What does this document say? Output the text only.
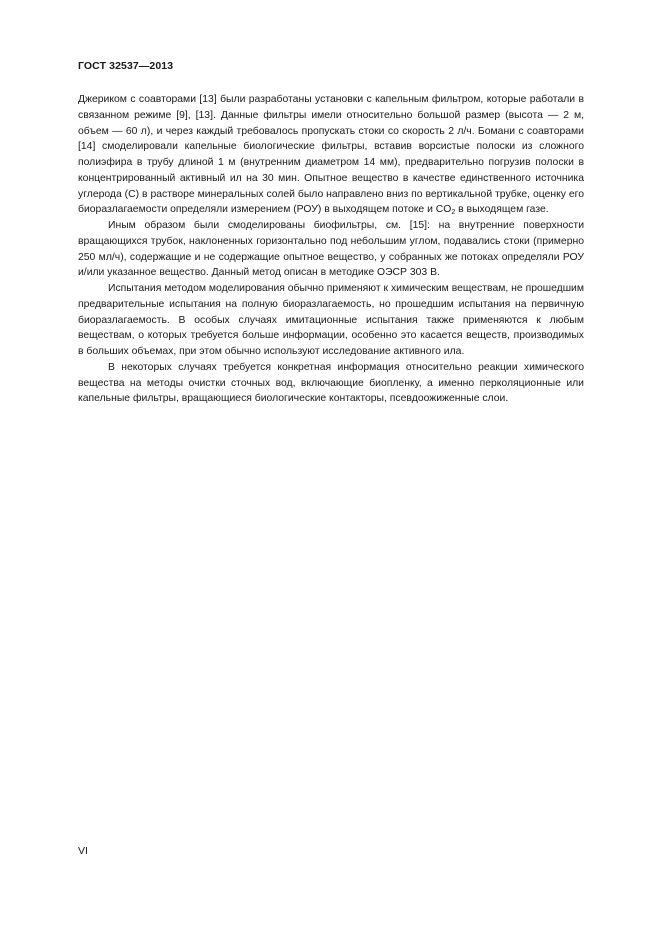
ГОСТ 32537—2013

Джериком с соавторами [13] были разработаны установки с капельным фильтром, которые работали в связанном режиме [9], [13]. Данные фильтры имели относительно большой размер (высота — 2 м, объем — 60 л), и через каждый требовалось пропускать стоки со скорость 2 л/ч. Бомани с соавторами [14] смоделировали капельные биологические фильтры, вставив ворсистые полоски из сложного полиэфира в трубу длиной 1 м (внутренним диаметром 14 мм), предварительно погрузив полоски в концентрированный активный ил на 30 мин. Опытное вещество в качестве единственного источника углерода (С) в растворе минеральных солей было направлено вниз по вертикальной трубке, оценку его биоразлагаемости определяли измерением (РОУ) в выходящем потоке и $CO_2$ в выходящем газе.

Иным образом были смоделированы биофильтры, см. [15]: на внутренние поверхности вращающихся трубок, наклоненных горизонтально под небольшим углом, подавались стоки (примерно 250 мл/ч), содержащие и не содержащие опытное вещество, у собранных же потоках определяли РОУ и/или указанное вещество. Данный метод описан в методике ОЭСР 303 В.

Испытания методом моделирования обычно применяют к химическим веществам, не прошедшим предварительные испытания на полную биоразлагаемость, но прошедшим испытания на первичную биоразлагаемость. В особых случаях имитационные испытания также применяются к любым веществам, о которых требуется больше информации, особенно это касается веществ, производимых в больших объемах, при этом обычно используют исследование активного ила.

В некоторых случаях требуется конкретная информация относительно реакции химического вещества на методы очистки сточных вод, включающие биопленку, а именно перколяционные или капельные фильтры, вращающиеся биологические контакторы, псевдоожиженные слои.

VI
